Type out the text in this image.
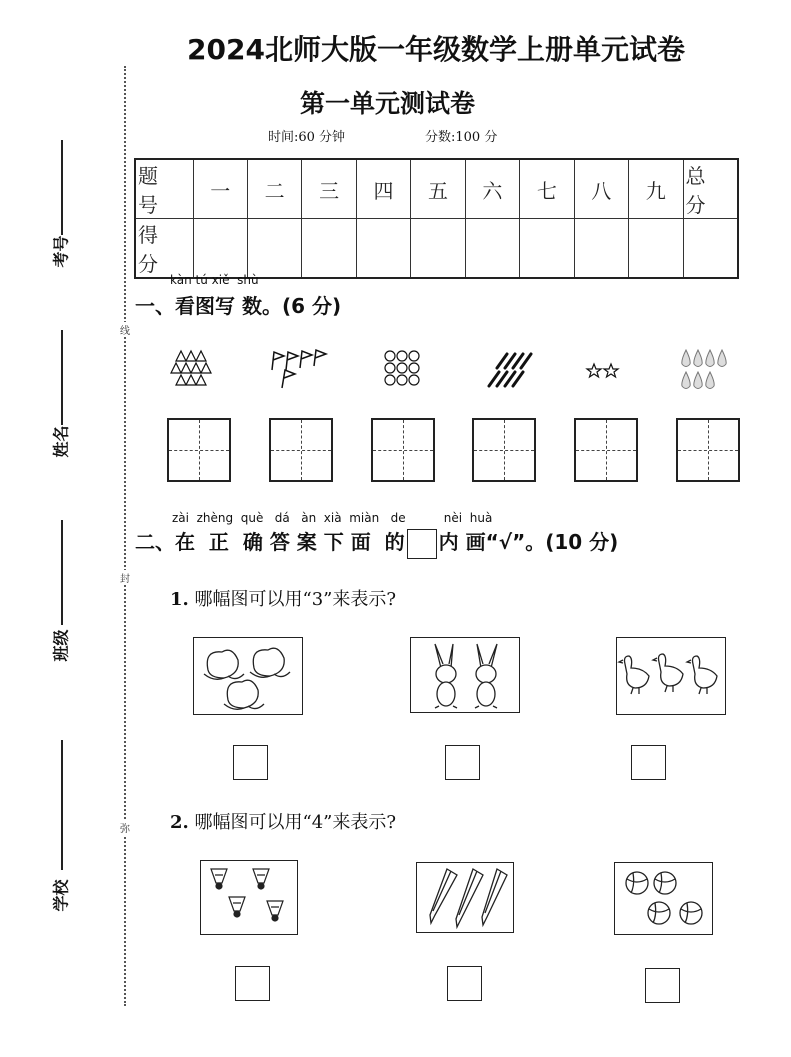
2024北师大版一年级数学上册单元试卷
线
封
弥
考号
姓名
班级
学校
第一单元测试卷
时间:60 分钟	分数:100 分
题号	一	二	三	四	五	六	七	八	九	总分
得分										
kàn tú xiě  shù
一、看图写 数。(6 分)
zài  zhèng  què   dá   àn  xià  miàn   de          nèi  huà
二、在  正  确 答 案 下 面  的 内 画“√”。(10 分)
1. 哪幅图可以用“3”来表示?
2. 哪幅图可以用“4”来表示?
